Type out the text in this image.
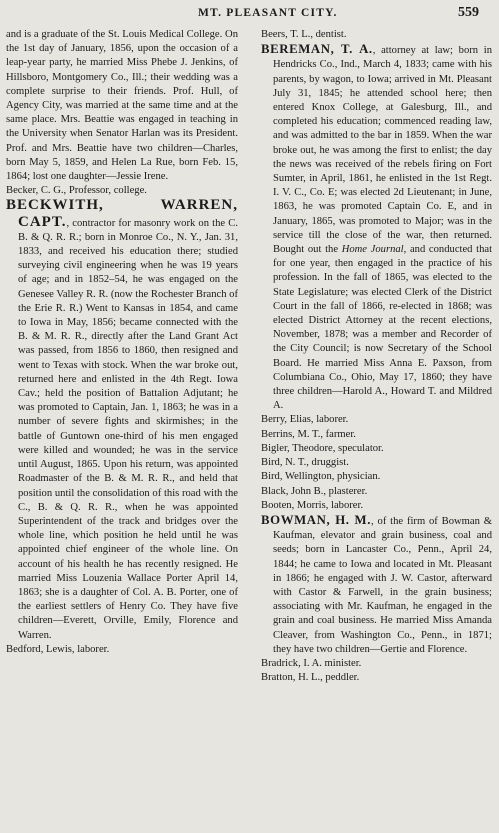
MT. PLEASANT CITY.	559

and is a graduate of the St. Louis Medical College. On the 1st day of January, 1856, upon the occasion of a leap-year party, he married Miss Phebe J. Jenkins, of Hillsboro, Montgomery Co., Ill.; their wedding was a complete surprise to their friends. Prof. Hull, of Agency City, was married at the same time and at the same place. Mrs. Beattie was engaged in teaching in the University when Senator Harlan was its President. Prof. and Mrs. Beattie have two children—Charles, born May 5, 1859, and Helen La Rue, born Feb. 15, 1864; lost one daughter—Jessie Irene.

Becker, C. G., Professor, college.

BECKWITH, WARREN, CAPT., contractor for masonry work on the C. B. & Q. R. R.; born in Monroe Co., N. Y., Jan. 31, 1833, and received his education there; studied surveying civil engineering when he was 19 years of age; and in 1852–54, he was engaged on the Genesee Valley R. R. (now the Rochester Branch of the Erie R. R.) Went to Kansas in 1854, and came to Iowa in May, 1856; became connected with the B. & M. R. R., directly after the Land Grant Act was passed, from 1856 to 1860, then resigned and went to Texas with stock. When the war broke out, returned here and enlisted in the 4th Regt. Iowa Cav.; held the position of Battalion Adjutant; he was promoted to Captain, Jan. 1, 1863; he was in a number of severe fights and skirmishes; in the battle of Guntown one-third of his men engaged were killed and wounded; he was in the service until August, 1865. Upon his return, was appointed Roadmaster of the B. & M. R. R., and held that position until the consolidation of this road with the C., B. & Q. R. R., when he was appointed Superintendent of the track and bridges over the whole line, which position he held until he was appointed chief engineer of the whole line. On account of his health he has recently resigned. He married Miss Louzenia Wallace Porter April 14, 1863; she is a daughter of Col. A. B. Porter, one of the earliest settlers of Henry Co. They have five children—Everett, Orville, Emily, Florence and Warren.

Bedford, Lewis, laborer.

Beers, T. L., dentist.

BEREMAN, T. A., attorney at law; born in Hendricks Co., Ind., March 4, 1833; came with his parents, by wagon, to Iowa; arrived in Mt. Pleasant July 31, 1845; he attended school here; then entered Knox College, at Galesburg, Ill., and completed his education; commenced reading law, and was admitted to the bar in 1859. When the war broke out, he was among the first to enlist; the day the news was received of the rebels firing on Fort Sumter, in April, 1861, he enlisted in the 1st Regt. I. V. C., Co. E; was elected 2d Lieutenant; in June, 1863, he was promoted Captain Co. E, and in January, 1865, was promoted to Major; was in the service till the close of the war, then returned. Bought out the Home Journal, and conducted that for one year, then engaged in the practice of his profession. In the fall of 1865, was elected to the State Legislature; was elected Clerk of the District Court in the fall of 1866, re-elected in 1868; was elected District Attorney at the recent elections, November, 1878; was a member and Recorder of the City Council; is now Secretary of the School Board. He married Miss Anna E. Paxson, from Columbiana Co., Ohio, May 17, 1860; they have three children—Harold A., Howard T. and Mildred A.

Berry, Elias, laborer.

Berrins, M. T., farmer.

Bigler, Theodore, speculator.

Bird, N. T., druggist.

Bird, Wellington, physician.

Black, John B., plasterer.

Booten, Morris, laborer.

BOWMAN, H. M., of the firm of Bowman & Kaufman, elevator and grain business, coal and seeds; born in Lancaster Co., Penn., April 24, 1844; he came to Iowa and located in Mt. Pleasant in 1866; he engaged with J. W. Castor, afterward with Castor & Farwell, in the grain business; associating with Mr. Kaufman, he engaged in the grain and coal business. He married Miss Amanda Cleaver, from Washington Co., Penn., in 1871; they have two children—Gertie and Florence.

Bradrick, I. A. minister.

Bratton, H. L., peddler.
